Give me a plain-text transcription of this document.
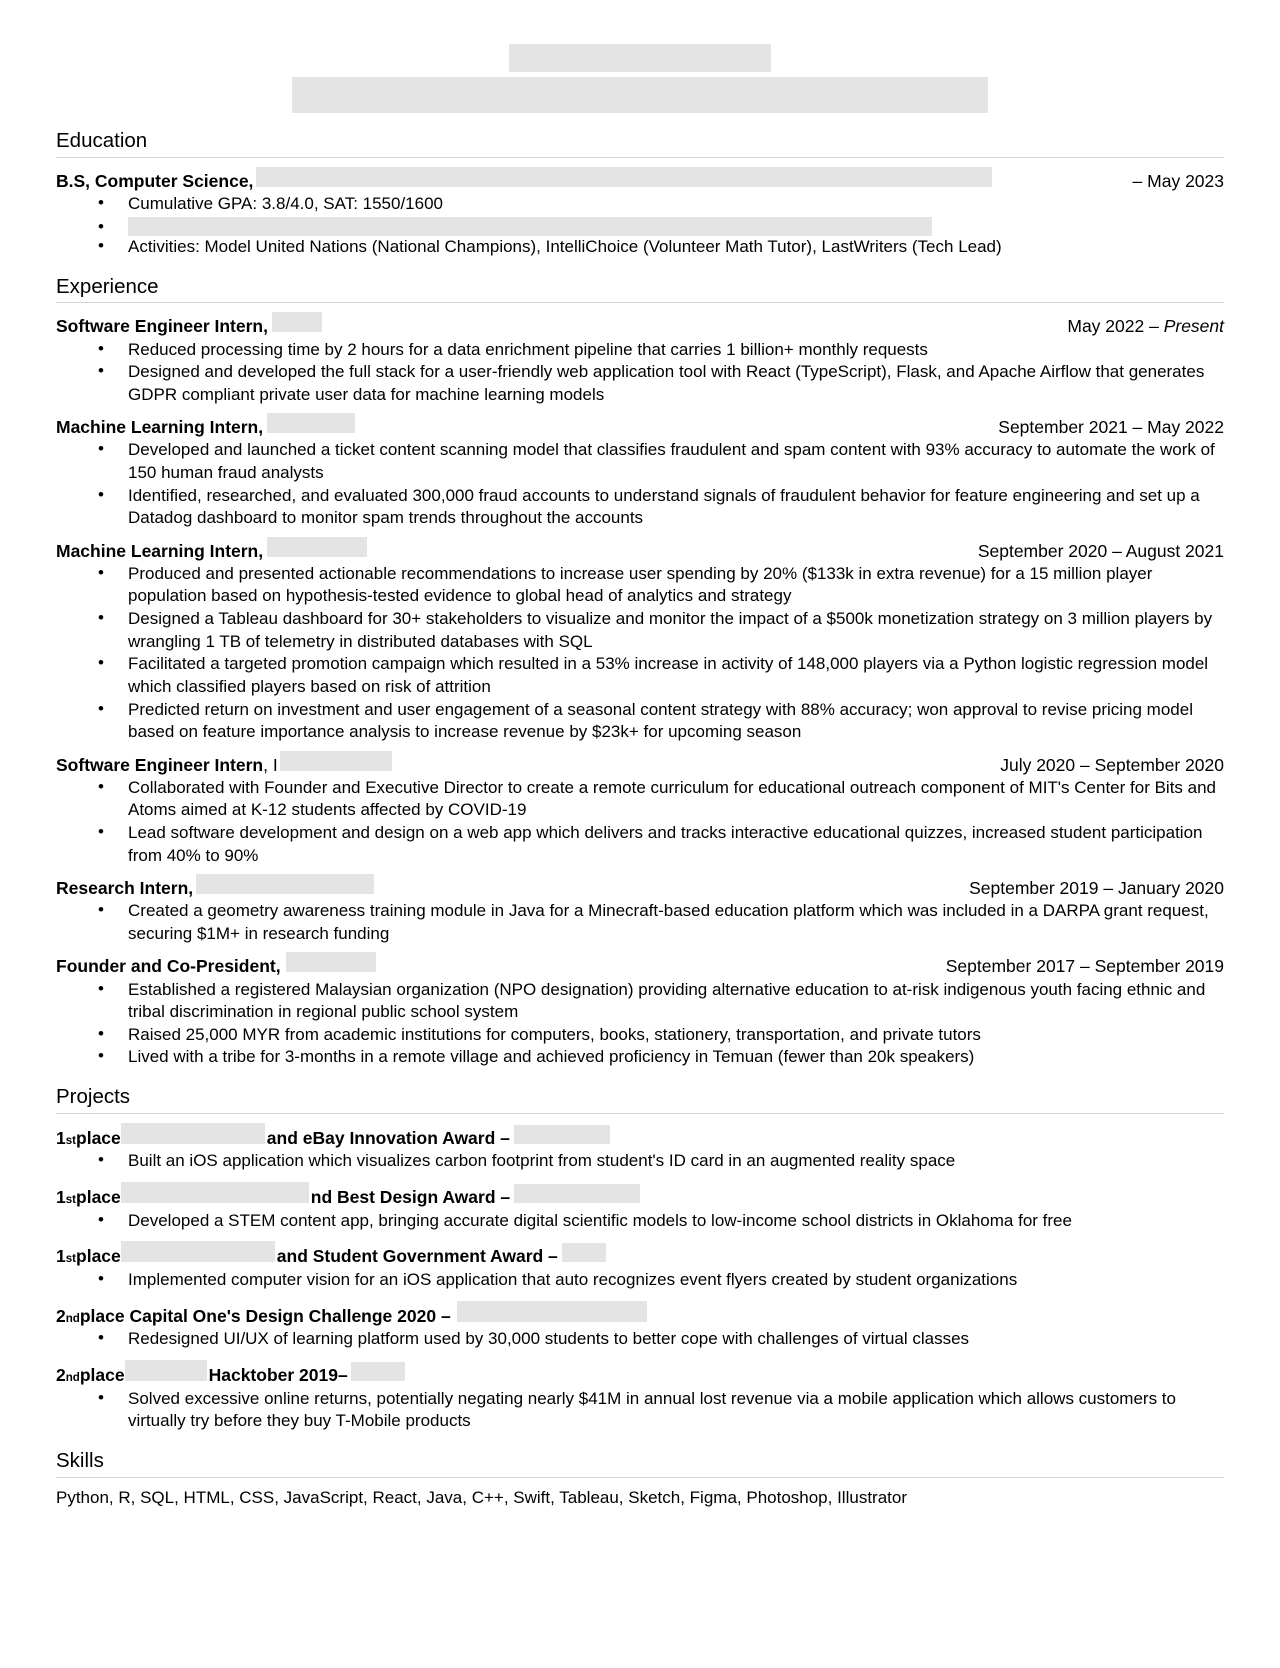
Education
B.S, Computer Science,	– May 2023
• Cumulative GPA: 3.8/4.0, SAT: 1550/1600
•
• Activities: Model United Nations (National Champions), IntelliChoice (Volunteer Math Tutor), LastWriters (Tech Lead)
Experience
Software Engineer Intern,	May 2022 – Present
• Reduced processing time by 2 hours for a data enrichment pipeline that carries 1 billion+ monthly requests
• Designed and developed the full stack for a user-friendly web application tool with React (TypeScript), Flask, and Apache Airflow that generates GDPR compliant private user data for machine learning models
Machine Learning Intern,	September 2021 – May 2022
• Developed and launched a ticket content scanning model that classifies fraudulent and spam content with 93% accuracy to automate the work of 150 human fraud analysts
• Identified, researched, and evaluated 300,000 fraud accounts to understand signals of fraudulent behavior for feature engineering and set up a Datadog dashboard to monitor spam trends throughout the accounts
Machine Learning Intern,	September 2020 – August 2021
• Produced and presented actionable recommendations to increase user spending by 20% ($133k in extra revenue) for a 15 million player population based on hypothesis-tested evidence to global head of analytics and strategy
• Designed a Tableau dashboard for 30+ stakeholders to visualize and monitor the impact of a $500k monetization strategy on 3 million players by wrangling 1 TB of telemetry in distributed databases with SQL
• Facilitated a targeted promotion campaign which resulted in a 53% increase in activity of 148,000 players via a Python logistic regression model which classified players based on risk of attrition
• Predicted return on investment and user engagement of a seasonal content strategy with 88% accuracy; won approval to revise pricing model based on feature importance analysis to increase revenue by $23k+ for upcoming season
Software Engineer Intern , I	July 2020 – September 2020
• Collaborated with Founder and Executive Director to create a remote curriculum for educational outreach component of MIT's Center for Bits and Atoms aimed at K-12 students affected by COVID-19
• Lead software development and design on a web app which delivers and tracks interactive educational quizzes, increased student participation from 40% to 90%
Research Intern,	September 2019 – January 2020
• Created a geometry awareness training module in Java for a Minecraft-based education platform which was included in a DARPA grant request, securing $1M+ in research funding
Founder and Co-President,	September 2017 – September 2019
• Established a registered Malaysian organization (NPO designation) providing alternative education to at-risk indigenous youth facing ethnic and tribal discrimination in regional public school system
• Raised 25,000 MYR from academic institutions for computers, books, stationery, transportation, and private tutors
• Lived with a tribe for 3-months in a remote village and achieved proficiency in Temuan (fewer than 20k speakers)
Projects
1 st place	and eBay Innovation Award –
• Built an iOS application which visualizes carbon footprint from student's ID card in an augmented reality space
1 st place	nd Best Design Award –
• Developed a STEM content app, bringing accurate digital scientific models to low-income school districts in Oklahoma for free
1 st place	and Student Government Award –
• Implemented computer vision for an iOS application that auto recognizes event flyers created by student organizations
2 nd place Capital One's Design Challenge 2020 –
• Redesigned UI/UX of learning platform used by 30,000 students to better cope with challenges of virtual classes
2 nd place	Hacktober 2019–
• Solved excessive online returns, potentially negating nearly $41M in annual lost revenue via a mobile application which allows customers to virtually try before they buy T-Mobile products
Skills
Python, R, SQL, HTML, CSS, JavaScript, React, Java, C++, Swift, Tableau, Sketch, Figma, Photoshop, Illustrator
